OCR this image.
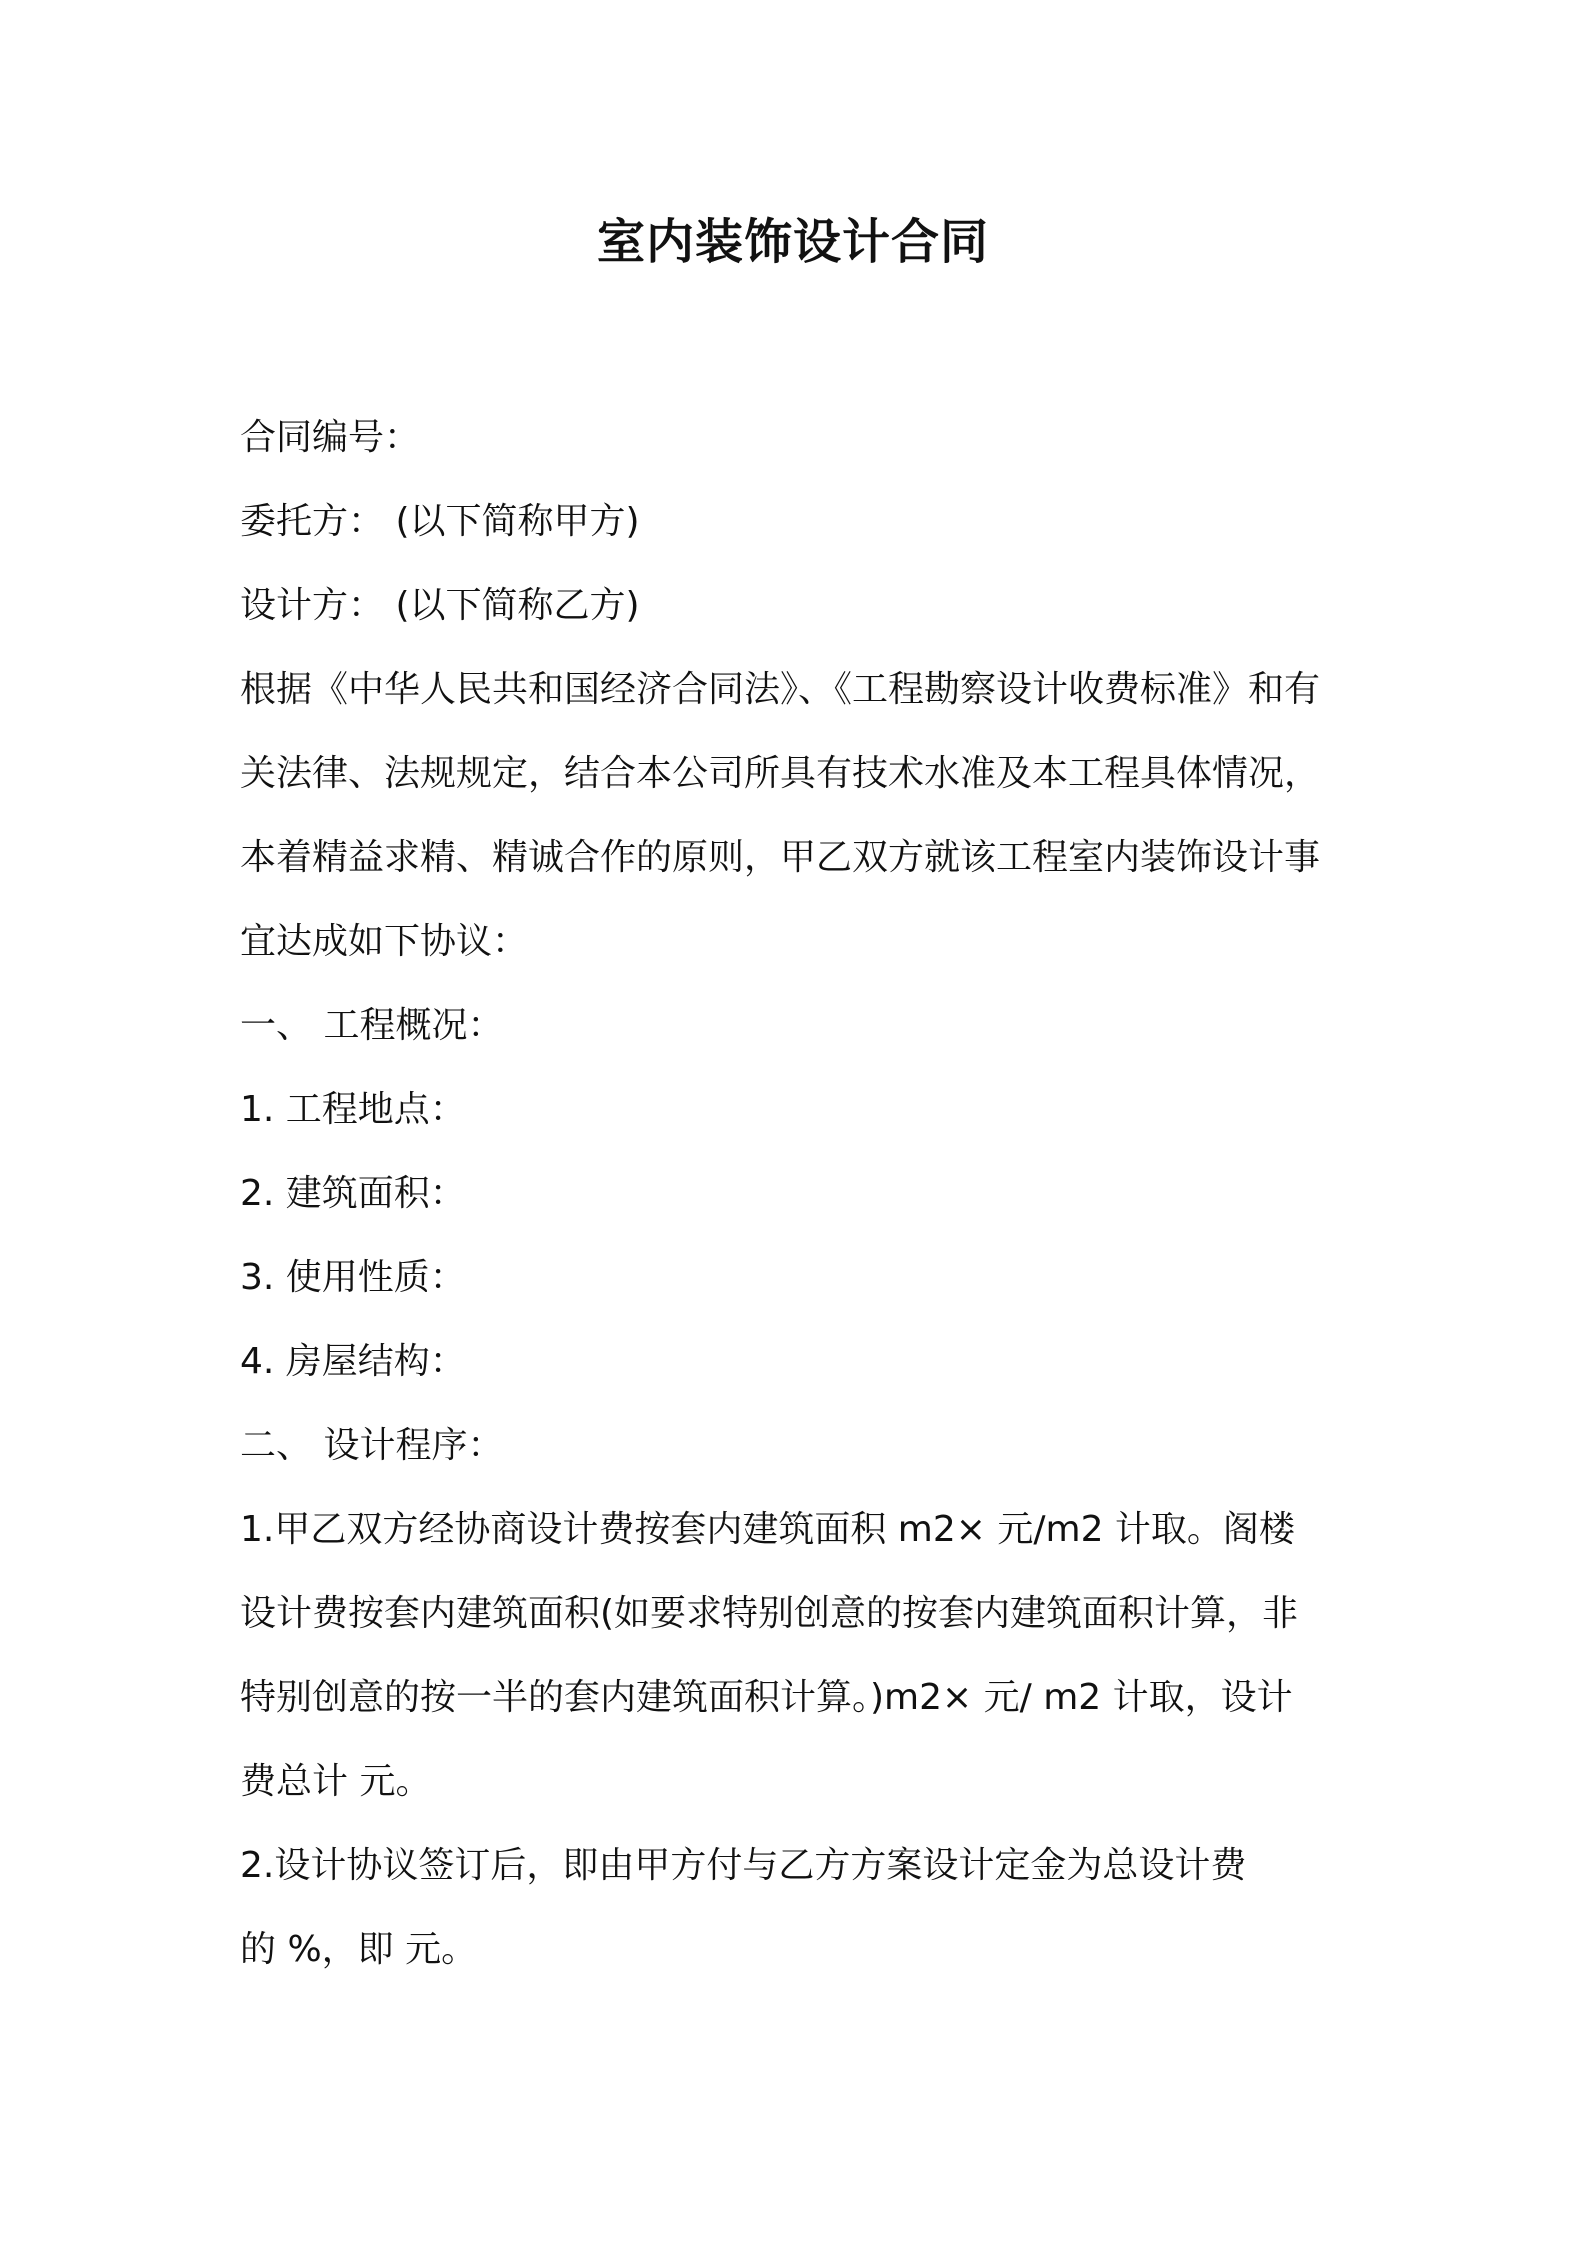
室内装饰设计合同
合同编号：
委托方： (以下简称甲方)
设计方： (以下简称乙方)
根据《中华人民共和国经济合同法》、《工程勘察设计收费标准》和有
关法律、法规规定，结合本公司所具有技术水准及本工程具体情况，
本着精益求精、精诚合作的原则，甲乙双方就该工程室内装饰设计事
宜达成如下协议：
一、 工程概况：
1. 工程地点：
2. 建筑面积：
3. 使用性质：
4. 房屋结构：
二、 设计程序：
1.甲乙双方经协商设计费按套内建筑面积 m2× 元/m2 计取。阁楼
设计费按套内建筑面积(如要求特别创意的按套内建筑面积计算，非
特别创意的按一半的套内建筑面积计算。)m2× 元/ m2 计取，设计
费总计 元。
2.设计协议签订后，即由甲方付与乙方方案设计定金为总设计费
的 %，即 元。
